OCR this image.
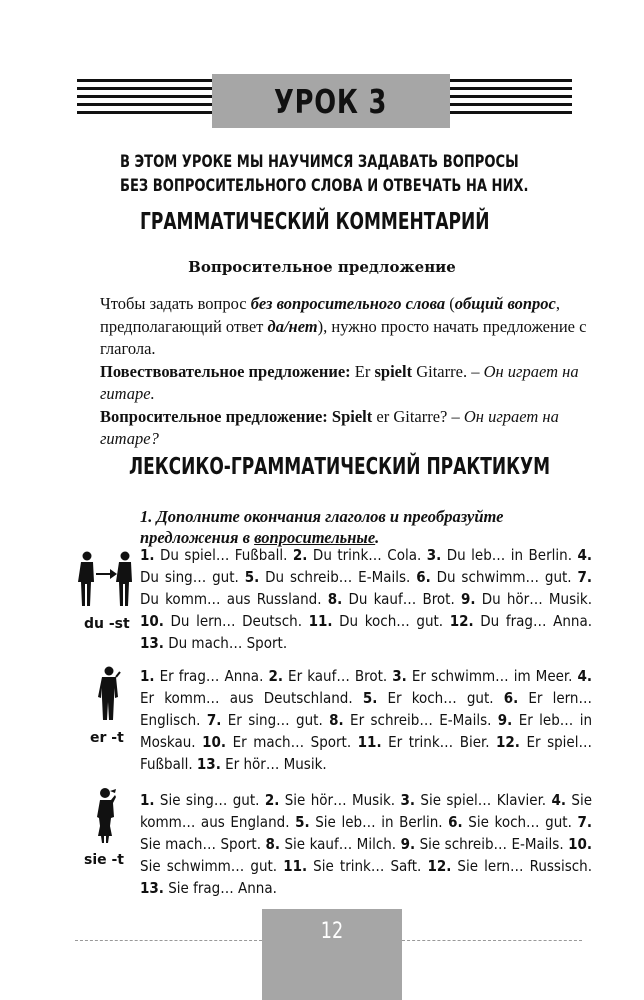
УРОК 3
В ЭТОМ УРОКЕ МЫ НАУЧИМСЯ ЗАДАВАТЬ ВОПРОСЫ
БЕЗ ВОПРОСИТЕЛЬНОГО СЛОВА И ОТВЕЧАТЬ НА НИХ.
ГРАММАТИЧЕСКИЙ КОММЕНТАРИЙ
Вопросительное предложение

Чтобы задать вопрос без вопросительного слова (общий вопрос, предполагающий ответ да/нет), нужно просто начать предложение с глагола.

Повествовательное предложение: Er spielt Gitarre. – Он играет на гитаре.

Вопросительное предложение: Spielt er Gitarre? – Он играет на гитаре?

ЛЕКСИКО-ГРАММАТИЧЕСКИЙ ПРАКТИКУМ
1. Дополните окончания глаголов и преобразуйте предложения в вопросительные.
du -st
er -t
sie -t
1. Du spiel… Fußball. 2. Du trink… Cola. 3. Du leb… in Berlin. 4. Du sing… gut. 5. Du schreib… E-Mails. 6. Du schwimm… gut. 7. Du komm… aus Russland. 8. Du kauf… Brot. 9. Du hör… Musik. 10. Du lern… Deutsch. 11. Du koch… gut. 12. Du frag… Anna. 13. Du mach… Sport.
1. Er frag… Anna. 2. Er kauf… Brot. 3. Er schwimm… im Meer. 4. Er komm… aus Deutschland. 5. Er koch… gut. 6. Er lern… Englisch. 7. Er sing… gut. 8. Er schreib… E-Mails. 9. Er leb… in Moskau. 10. Er mach… Sport. 11. Er trink… Bier. 12. Er spiel… Fußball. 13. Er hör… Musik.
1. Sie sing… gut. 2. Sie hör… Musik. 3. Sie spiel… Klavier. 4. Sie komm… aus England. 5. Sie leb… in Berlin. 6. Sie koch… gut. 7. Sie mach… Sport. 8. Sie kauf… Milch. 9. Sie schreib… E-Mails. 10. Sie schwimm… gut. 11. Sie trink… Saft. 12. Sie lern… Russisch. 13. Sie frag… Anna.
12
